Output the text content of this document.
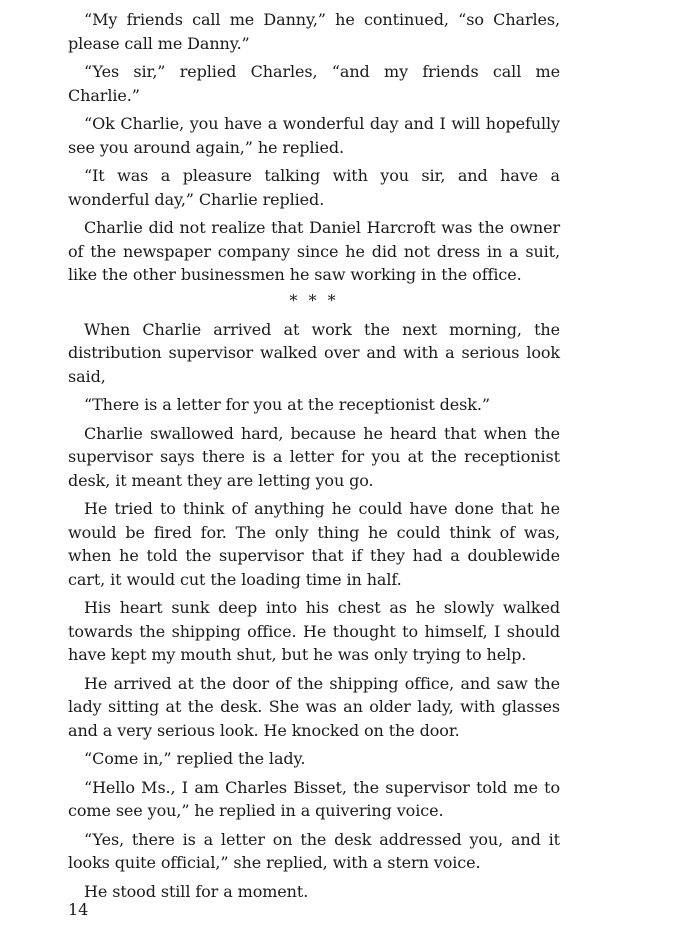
“My friends call me Danny,” he continued, “so Charles, please call me Danny.”

“Yes sir,” replied Charles, “and my friends call me Charlie.”

“Ok Charlie, you have a wonderful day and I will hopefully see you around again,” he replied.

“It was a pleasure talking with you sir, and have a wonderful day,” Charlie replied.

Charlie did not realize that Daniel Harcroft was the owner of the newspaper company since he did not dress in a suit, like the other businessmen he saw working in the office.

* * *

When Charlie arrived at work the next morning, the distribution supervisor walked over and with a serious look said,

“There is a letter for you at the receptionist desk.”

Charlie swallowed hard, because he heard that when the supervisor says there is a letter for you at the receptionist desk, it meant they are letting you go.

He tried to think of anything he could have done that he would be fired for. The only thing he could think of was, when he told the supervisor that if they had a doublewide cart, it would cut the loading time in half.

His heart sunk deep into his chest as he slowly walked towards the shipping office. He thought to himself, I should have kept my mouth shut, but he was only trying to help.

He arrived at the door of the shipping office, and saw the lady sitting at the desk. She was an older lady, with glasses and a very serious look. He knocked on the door.

“Come in,” replied the lady.

“Hello Ms., I am Charles Bisset, the supervisor told me to come see you,” he replied in a quivering voice.

“Yes, there is a letter on the desk addressed you, and it looks quite official,” she replied, with a stern voice.

He stood still for a moment.

14
